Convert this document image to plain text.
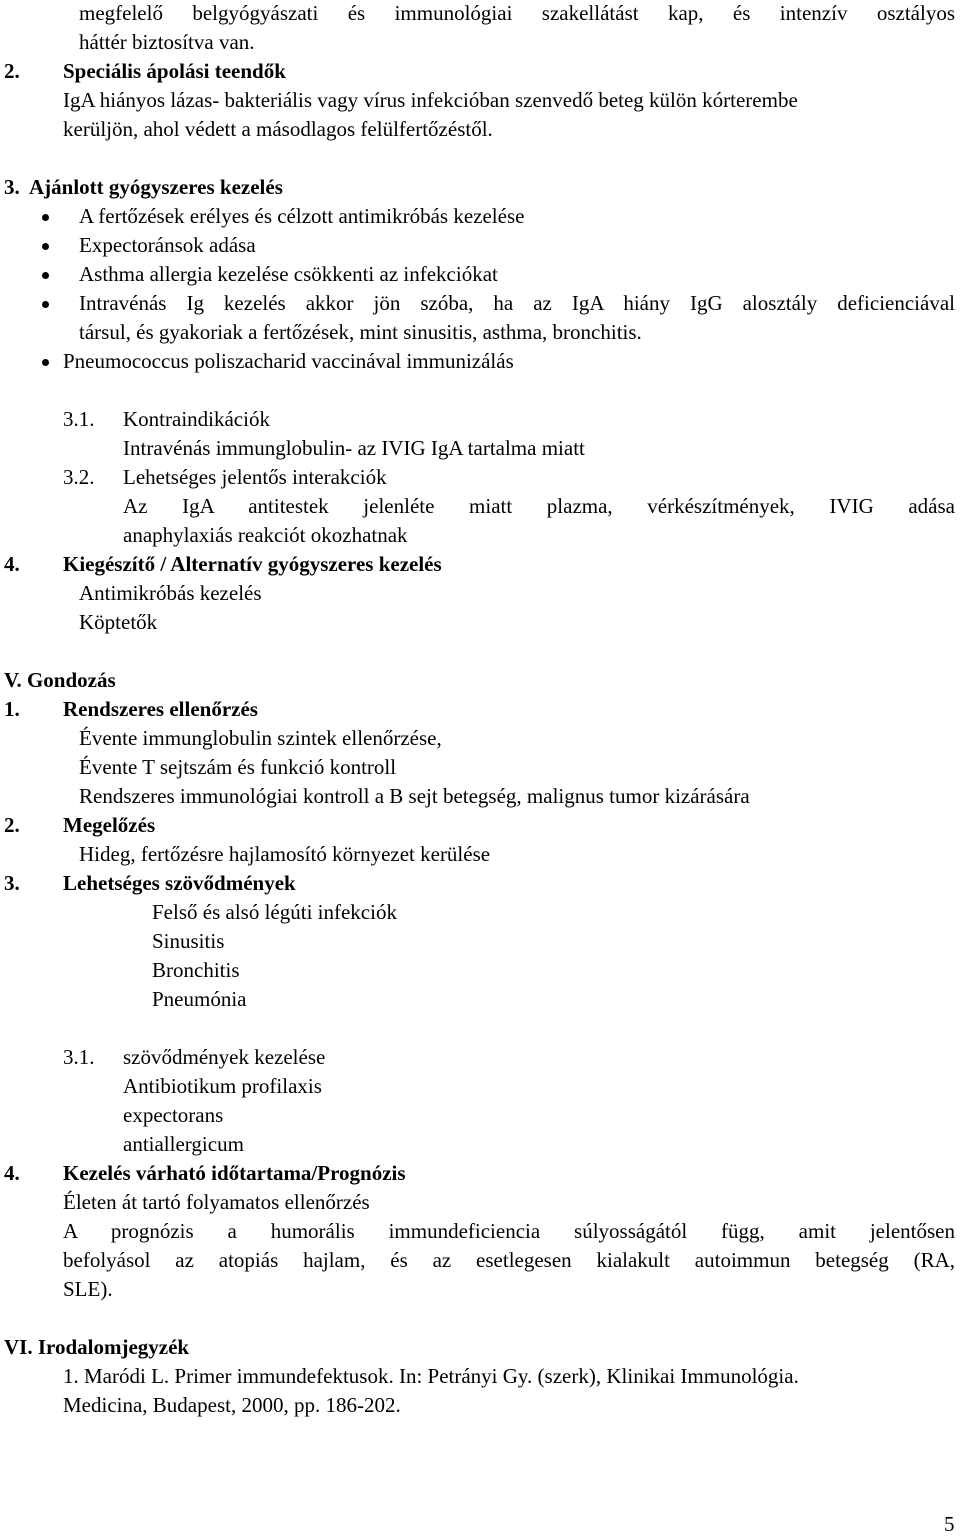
megfelelő belgyógyászati és immunológiai szakellátást kap, és intenzív osztályos
háttér biztosítva van.
2. Speciális ápolási teendők
IgA hiányos lázas- bakteriális vagy vírus infekcióban szenvedő beteg külön kórterembe
kerüljön, ahol védett a másodlagos felülfertőzéstől.
3. Ajánlott gyógyszeres kezelés
A fertőzések erélyes és célzott antimikróbás kezelése
Expectoránsok adása
Asthma allergia kezelése csökkenti az infekciókat
Intravénás Ig kezelés akkor jön szóba, ha az IgA hiány IgG alosztály deficienciával
társul, és gyakoriak a fertőzések, mint sinusitis, asthma, bronchitis.
Pneumococcus poliszacharid vaccinával immunizálás
3.1. Kontraindikációk
Intravénás immunglobulin- az IVIG IgA tartalma miatt
3.2. Lehetséges jelentős interakciók
Az IgA antitestek jelenléte miatt plazma, vérkészítmények, IVIG adása
anaphylaxiás reakciót okozhatnak
4. Kiegészítő / Alternatív gyógyszeres kezelés
Antimikróbás kezelés
Köptetők
V. Gondozás
1. Rendszeres ellenőrzés
Évente immunglobulin szintek ellenőrzése,
Évente T sejtszám és funkció kontroll
Rendszeres immunológiai kontroll a B sejt betegség, malignus tumor kizárására
2. Megelőzés
Hideg, fertőzésre hajlamosító környezet kerülése
3. Lehetséges szövődmények
Felső és alsó légúti infekciók
Sinusitis
Bronchitis
Pneumónia
3.1. szövődmények kezelése
Antibiotikum profilaxis
expectorans
antiallergicum
4. Kezelés várható időtartama/Prognózis
Életen át tartó folyamatos ellenőrzés
A prognózis a humorális immundeficiencia súlyosságától függ, amit jelentősen
befolyásol az atopiás hajlam, és az esetlegesen kialakult autoimmun betegség (RA,
SLE).
VI. Irodalomjegyzék
1. Maródi L. Primer immundefektusok. In: Petrányi Gy. (szerk), Klinikai Immunológia.
Medicina, Budapest, 2000, pp. 186-202.
5
